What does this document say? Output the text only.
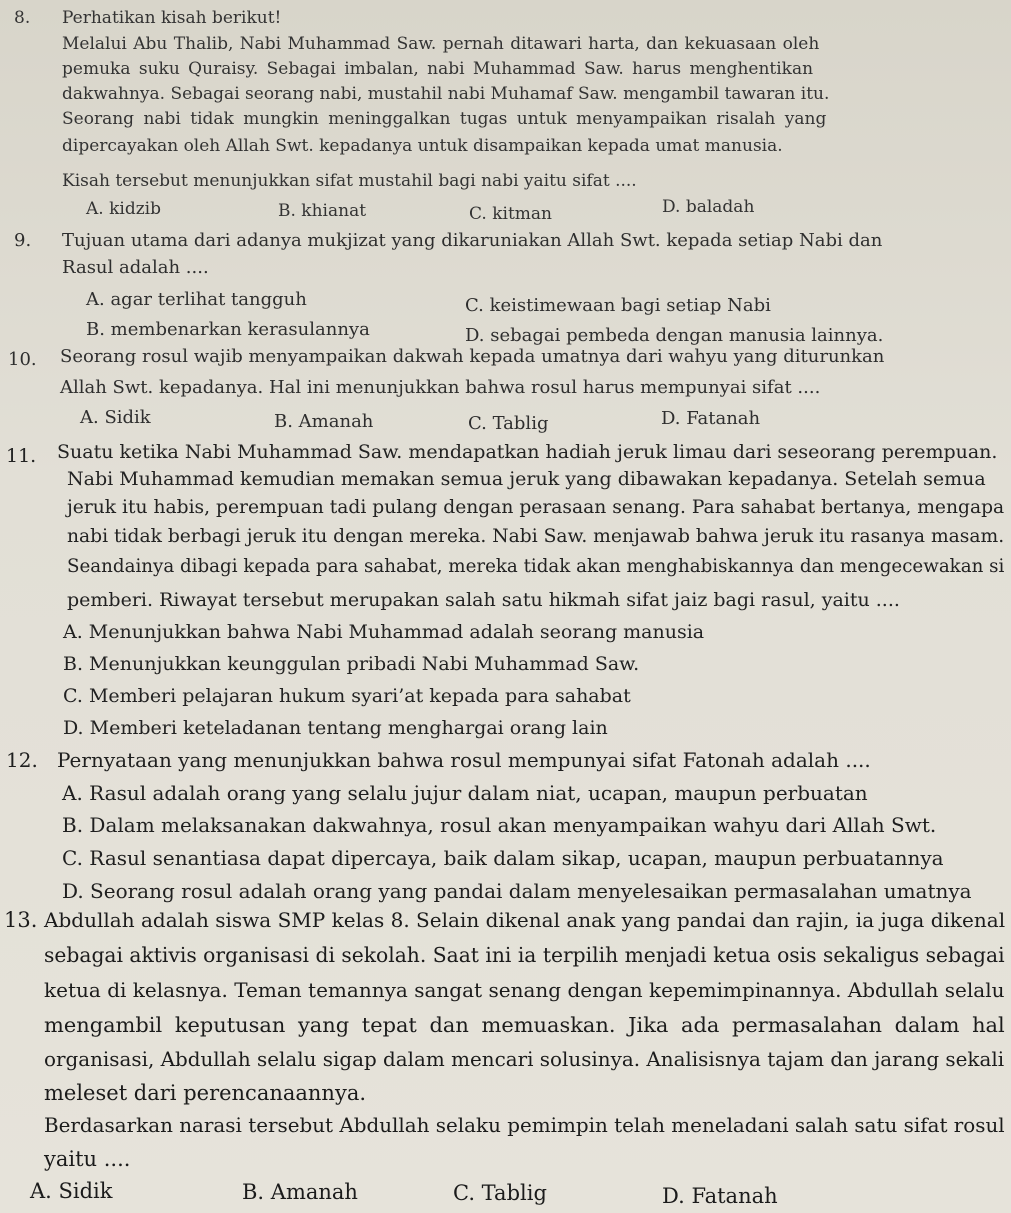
8. Perhatikan kisah berikut!
Melalui Abu Thalib, Nabi Muhammad Saw. pernah ditawari harta, dan kekuasaan oleh
pemuka suku Quraisy. Sebagai imbalan, nabi Muhammad Saw. harus menghentikan
dakwahnya. Sebagai seorang nabi, mustahil nabi Muhamaf Saw. mengambil tawaran itu.
Seorang nabi tidak mungkin meninggalkan tugas untuk menyampaikan risalah yang
dipercayakan oleh Allah Swt. kepadanya untuk disampaikan kepada umat manusia.
Kisah tersebut menunjukkan sifat mustahil bagi nabi yaitu sifat ....
A. kidzib	B. khianat	C. kitman	D. baladah
9. Tujuan utama dari adanya mukjizat yang dikaruniakan Allah Swt. kepada setiap Nabi dan
Rasul adalah ....
A. agar terlihat tangguh	C. keistimewaan bagi setiap Nabi
B. membenarkan kerasulannya	D. sebagai pembeda dengan manusia lainnya.
10. Seorang rosul wajib menyampaikan dakwah kepada umatnya dari wahyu yang diturunkan
Allah Swt. kepadanya. Hal ini menunjukkan bahwa rosul harus mempunyai sifat ....
A. Sidik	B. Amanah	C. Tablig	D. Fatanah
11. Suatu ketika Nabi Muhammad Saw. mendapatkan hadiah jeruk limau dari seseorang perempuan.
Nabi Muhammad kemudian memakan semua jeruk yang dibawakan kepadanya. Setelah semua
jeruk itu habis, perempuan tadi pulang dengan perasaan senang. Para sahabat bertanya, mengapa
nabi tidak berbagi jeruk itu dengan mereka. Nabi Saw. menjawab bahwa jeruk itu rasanya masam.
Seandainya dibagi kepada para sahabat, mereka tidak akan menghabiskannya dan mengecewakan si
pemberi. Riwayat tersebut merupakan salah satu hikmah sifat jaiz bagi rasul, yaitu ....
A. Menunjukkan bahwa Nabi Muhammad adalah seorang manusia
B. Menunjukkan keunggulan pribadi Nabi Muhammad Saw.
C. Memberi pelajaran hukum syari’at kepada para sahabat
D. Memberi keteladanan tentang menghargai orang lain
12. Pernyataan yang menunjukkan bahwa rosul mempunyai sifat Fatonah adalah ....
A. Rasul adalah orang yang selalu jujur dalam niat, ucapan, maupun perbuatan
B. Dalam melaksanakan dakwahnya, rosul akan menyampaikan wahyu dari Allah Swt.
C. Rasul senantiasa dapat dipercaya, baik dalam sikap, ucapan, maupun perbuatannya
D. Seorang rosul adalah orang yang pandai dalam menyelesaikan permasalahan umatnya
13. Abdullah adalah siswa SMP kelas 8. Selain dikenal anak yang pandai dan rajin, ia juga dikenal
sebagai aktivis organisasi di sekolah. Saat ini ia terpilih menjadi ketua osis sekaligus sebagai
ketua di kelasnya. Teman temannya sangat senang dengan kepemimpinannya. Abdullah selalu
mengambil keputusan yang tepat dan memuaskan. Jika ada permasalahan dalam hal
organisasi, Abdullah selalu sigap dalam mencari solusinya. Analisisnya tajam dan jarang sekali
meleset dari perencanaannya.
Berdasarkan narasi tersebut Abdullah selaku pemimpin telah meneladani salah satu sifat rosul
yaitu ....
A. Sidik	B. Amanah	C. Tablig	D. Fatanah
